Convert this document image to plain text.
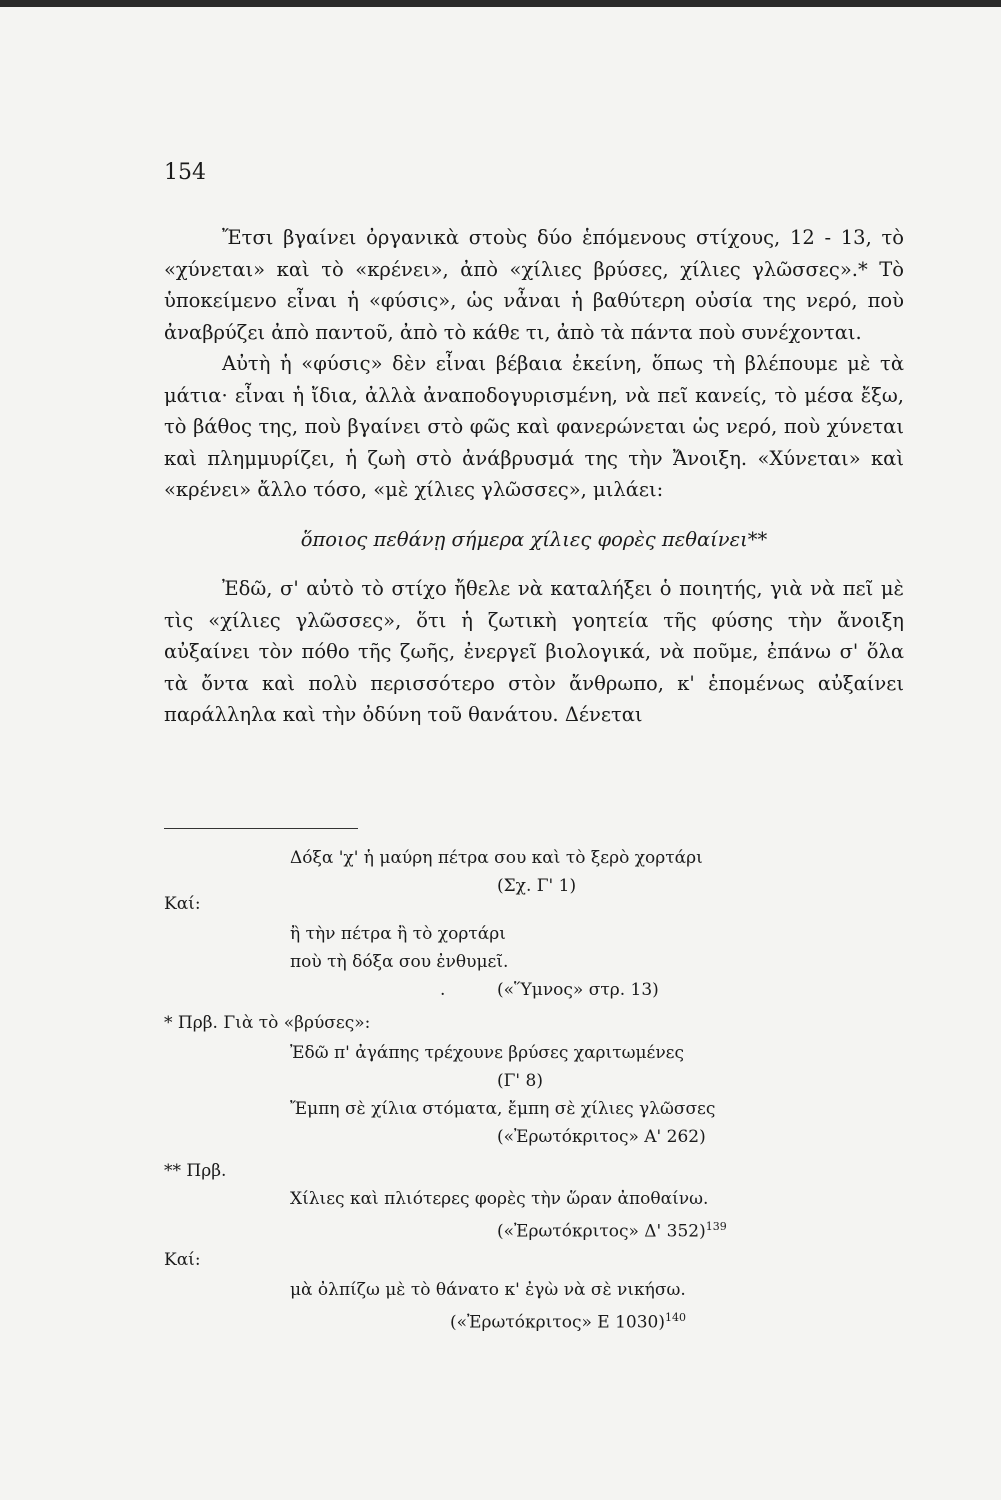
154

Ἔτσι βγαίνει ὀργανικὰ στοὺς δύο ἑπόμενους στίχους, 12 - 13, τὸ «χύνεται» καὶ τὸ «κρένει», ἀπὸ «χίλιες βρύσες, χίλιες γλῶσσες».* Τὸ ὑποκείμενο εἶναι ἡ «φύσις», ὡς νἆναι ἡ βαθύτερη οὐσία της νερό, ποὺ ἀναβρύζει ἀπὸ παντοῦ, ἀπὸ τὸ κάθε τι, ἀπὸ τὰ πάντα ποὺ συνέχονται.

Αὐτὴ ἡ «φύσις» δὲν εἶναι βέβαια ἐκείνη, ὅπως τὴ βλέπουμε μὲ τὰ μάτια· εἶναι ἡ ἴδια, ἀλλὰ ἀναποδογυρισμένη, νὰ πεῖ κανείς, τὸ μέσα ἔξω, τὸ βάθος της, ποὺ βγαίνει στὸ φῶς καὶ φανερώνεται ὡς νερό, ποὺ χύνεται καὶ πλημμυρίζει, ἡ ζωὴ στὸ ἀνάβρυσμά της τὴν Ἄνοιξη. «Χύνεται» καὶ «κρένει» ἄλλο τόσο, «μὲ χίλιες γλῶσσες», μιλάει:

ὅποιος πεθάνῃ σήμερα χίλιες φορὲς πεθαίνει**

Ἐδῶ, σ' αὐτὸ τὸ στίχο ἤθελε νὰ καταλήξει ὁ ποιητής, γιὰ νὰ πεῖ μὲ τὶς «χίλιες γλῶσσες», ὅτι ἡ ζωτικὴ γοητεία τῆς φύσης τὴν ἄνοιξη αὐξαίνει τὸν πόθο τῆς ζωῆς, ἐνεργεῖ βιολογικά, νὰ ποῦμε, ἐπάνω σ' ὅλα τὰ ὄντα καὶ πολὺ περισσότερο στὸν ἄνθρωπο, κ' ἑπομένως αὐξαίνει παράλληλα καὶ τὴν ὀδύνη τοῦ θανάτου. Δένεται

Δόξα 'χ' ἡ μαύρη πέτρα σου καὶ τὸ ξερὸ χορτάρι
(Σχ. Γ' 1)
Καί:
ἢ τὴν πέτρα ἢ τὸ χορτάρι
ποὺ τὴ δόξα σου ἐνθυμεῖ.
.	(«Ὕμνος» στρ. 13)
* Πρβ. Γιὰ τὸ «βρύσες»:
Ἐδῶ π' ἀγάπης τρέχουνε βρύσες χαριτωμένες
(Γ' 8)
Ἔμπη σὲ χίλια στόματα, ἔμπη σὲ χίλιες γλῶσσες
(«Ἐρωτόκριτος» Α' 262)
** Πρβ.
Χίλιες καὶ πλιότερες φορὲς τὴν ὥραν ἀποθαίνω.
(«Ἐρωτόκριτος» Δ' 352)$^{139}$
Καί:
μὰ ὀλπίζω μὲ τὸ θάνατο κ' ἐγὼ νὰ σὲ νικήσω.
(«Ἐρωτόκριτος» Ε 1030)$^{140}$
